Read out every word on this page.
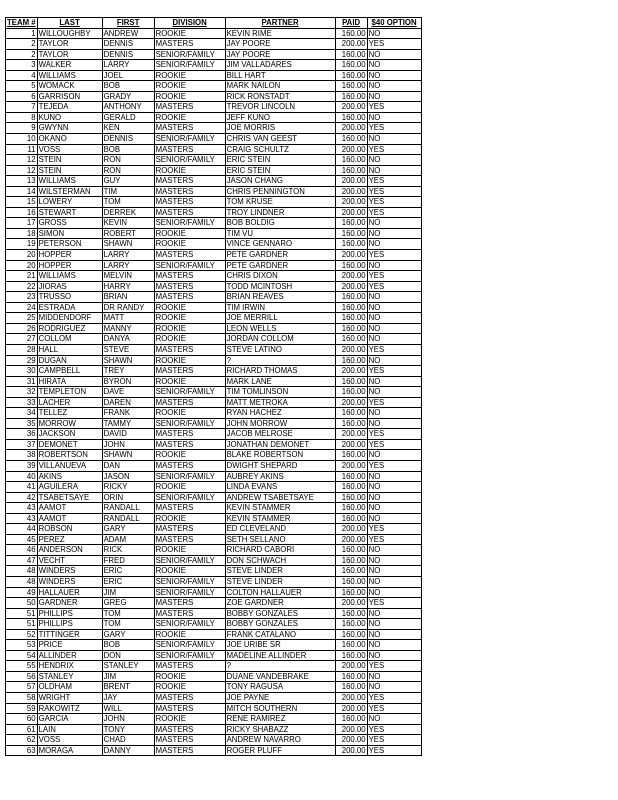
TEAM #	LAST	FIRST	DIVISION	PARTNER	PAID	$40 OPTION
1	WILLOUGHBY	ANDREW	ROOKIE	KEVIN RIME	160.00	NO
2	TAYLOR	DENNIS	MASTERS	JAY POORE	200.00	YES
2	TAYLOR	DENNIS	SENIOR/FAMILY	JAY POORE	160.00	NO
3	WALKER	LARRY	SENIOR/FAMILY	JIM VALLADARES	160.00	NO
4	WILLIAMS	JOEL	ROOKIE	BILL HART	160.00	NO
5	WOMACK	BOB	ROOKIE	MARK NAILON	160.00	NO
6	GARRISON	GRADY	ROOKIE	RICK RONSTADT	160.00	NO
7	TEJEDA	ANTHONY	MASTERS	TREVOR LINCOLN	200.00	YES
8	KUNO	GERALD	ROOKIE	JEFF KUNO	160.00	NO
9	GWYNN	KEN	MASTERS	JOE MORRIS	200.00	YES
10	OKANO	DENNIS	SENIOR/FAMILY	CHRIS VAN GEEST	160.00	NO
11	VOSS	BOB	MASTERS	CRAIG SCHULTZ	200.00	YES
12	STEIN	RON	SENIOR/FAMILY	ERIC STEIN	160.00	NO
12	STEIN	RON	ROOKIE	ERIC STEIN	160.00	NO
13	WILLIAMS	GUY	MASTERS	JASON CHANG	200.00	YES
14	WILSTERMAN	TIM	MASTERS	CHRIS PENNINGTON	200.00	YES
15	LOWERY	TOM	MASTERS	TOM KRUSE	200.00	YES
16	STEWART	DERREK	MASTERS	TROY LINDNER	200.00	YES
17	GROSS	KEVIN	SENIOR/FAMILY	BOB BOLDIG	160.00	NO
18	SIMON	ROBERT	ROOKIE	TIM VU	160.00	NO
19	PETERSON	SHAWN	ROOKIE	VINCE GENNARO	160.00	NO
20	HOPPER	LARRY	MASTERS	PETE GARDNER	200.00	YES
20	HOPPER	LARRY	SENIOR/FAMILY	PETE GARDNER	160.00	NO
21	WILLIAMS	MELVIN	MASTERS	CHRIS DIXON	200.00	YES
22	JIORAS	HARRY	MASTERS	TODD MCINTOSH	200.00	YES
23	TRUSSO	BRIAN	MASTERS	BRIAN REAVES	160.00	NO
24	ESTRADA	DR RANDY	ROOKIE	TIM IRWIN	160.00	NO
25	MIDDENDORF	MATT	ROOKIE	JOE MERRILL	160.00	NO
26	RODRIGUEZ	MANNY	ROOKIE	LEON WELLS	160.00	NO
27	COLLOM	DANYA	ROOKIE	JORDAN COLLOM	160.00	NO
28	HALL	STEVE	MASTERS	STEVE LATINO	200.00	YES
29	DUGAN	SHAWN	ROOKIE	?	160.00	NO
30	CAMPBELL	TREY	MASTERS	RICHARD THOMAS	200.00	YES
31	HIRATA	BYRON	ROOKIE	MARK LANE	160.00	NO
32	TEMPLETON	DAVE	SENIOR/FAMILY	TIM TOMLINSON	160.00	NO
33	LACHER	DAREN	MASTERS	MATT METROKA	200.00	YES
34	TELLEZ	FRANK	ROOKIE	RYAN HACHEZ	160.00	NO
35	MORROW	TAMMY	SENIOR/FAMILY	JOHN MORROW	160.00	NO
36	JACKSON	DAVID	MASTERS	JACOB MELROSE	200.00	YES
37	DEMONET	JOHN	MASTERS	JONATHAN DEMONET	200.00	YES
38	ROBERTSON	SHAWN	ROOKIE	BLAKE ROBERTSON	160.00	NO
39	VILLANUEVA	DAN	MASTERS	DWIGHT SHEPARD	200.00	YES
40	AKINS	JASON	SENIOR/FAMILY	AUBREY AKINS	160.00	NO
41	AGUILERA	RICKY	ROOKIE	LINDA EVANS	160.00	NO
42	TSABETSAYE	ORIN	SENIOR/FAMILY	ANDREW TSABETSAYE	160.00	NO
43	AAMOT	RANDALL	MASTERS	KEVIN STAMMER	160.00	NO
43	AAMOT	RANDALL	ROOKIE	KEVIN STAMMER	160.00	NO
44	ROBSON	GARY	MASTERS	ED CLEVELAND	200.00	YES
45	PEREZ	ADAM	MASTERS	SETH SELLANO	200.00	YES
46	ANDERSON	RICK	ROOKIE	RICHARD CABORI	160.00	NO
47	VECHT	FRED	SENIOR/FAMILY	DON SCHWACH	160.00	NO
48	WINDERS	ERIC	ROOKIE	STEVE LINDER	160.00	NO
48	WINDERS	ERIC	SENIOR/FAMILY	STEVE LINDER	160.00	NO
49	HALLAUER	JIM	SENIOR/FAMILY	COLTON HALLAUER	160.00	NO
50	GARDNER	GREG	MASTERS	ZOE GARDNER	200.00	YES
51	PHILLIPS	TOM	MASTERS	BOBBY GONZALES	160.00	NO
51	PHILLIPS	TOM	SENIOR/FAMILY	BOBBY GONZALES	160.00	NO
52	TITTINGER	GARY	ROOKIE	FRANK CATALANO	160.00	NO
53	PRICE	BOB	SENIOR/FAMILY	JOE URIBE SR	160.00	NO
54	ALLINDER	DON	SENIOR/FAMILY	MADELINE ALLINDER	160.00	NO
55	HENDRIX	STANLEY	MASTERS	?	200.00	YES
56	STANLEY	JIM	ROOKIE	DUANE VANDEBRAKE	160.00	NO
57	OLDHAM	BRENT	ROOKIE	TONY RAGUSA	160.00	NO
58	WRIGHT	JAY	MASTERS	JOE PAYNE	200.00	YES
59	RAKOWITZ	WILL	MASTERS	MITCH SOUTHERN	200.00	YES
60	GARCIA	JOHN	ROOKIE	RENE RAMIREZ	160.00	NO
61	LAIN	TONY	MASTERS	RICKY SHABAZZ	200.00	YES
62	VOSS	CHAD	MASTERS	ANDREW NAVARRO	200.00	YES
63	MORAGA	DANNY	MASTERS	ROGER PLUFF	200.00	YES
